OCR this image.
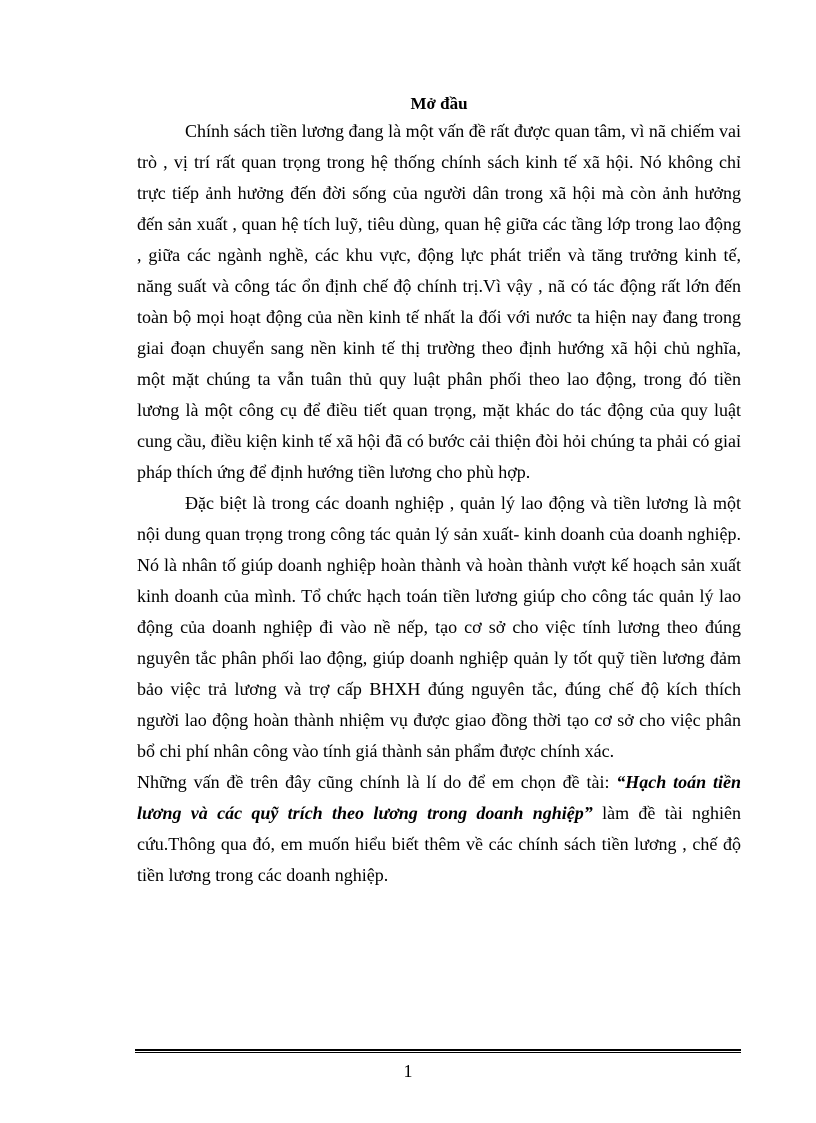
Mở đầu

Chính sách tiền lương đang là một vấn đề rất được quan tâm, vì nã chiếm vai trò , vị trí rất quan trọng trong hệ thống chính sách kinh tế xã hội. Nó không chỉ trực tiếp ảnh hưởng đến đời sống của người dân trong xã hội mà còn ảnh hưởng đến sản xuất , quan hệ tích luỹ, tiêu dùng, quan hệ giữa các tầng lớp trong lao động , giữa các ngành nghề, các khu vực, động lực phát triển và tăng trưởng kinh tế, năng suất và công tác ổn định chế độ chính trị.Vì vậy , nã có tác động rất lớn đến toàn bộ mọi hoạt động của nền kinh tế nhất la đối với nước ta hiện nay đang trong giai đoạn chuyển sang nền kinh tế thị trường theo định hướng xã hội chủ nghĩa, một mặt chúng ta vẫn tuân thủ quy luật phân phối theo lao động, trong đó tiền lương là một công cụ để điều tiết quan trọng, mặt khác do tác động của quy luật cung cầu, điều kiện kinh tế xã hội đã có bước cải thiện đòi hỏi chúng ta phải có giaỉ pháp thích ứng để định hướng tiền lương cho phù hợp.

Đặc biệt là trong các doanh nghiệp , quản lý lao động và tiền lương là một nội dung quan trọng trong công tác quản lý sản xuất- kinh doanh của doanh nghiệp. Nó là nhân tố giúp doanh nghiệp hoàn thành và hoàn thành vượt kế hoạch sản xuất kinh doanh của mình. Tổ chức hạch toán tiền lương giúp cho công tác quản lý lao động của doanh nghiệp đi vào nề nếp, tạo cơ sở cho việc tính lương theo đúng nguyên tắc phân phối lao động, giúp doanh nghiệp quản ly tốt quỹ tiền lương đảm bảo việc trả lương và trợ cấp BHXH đúng nguyên tắc, đúng chế độ kích thích người lao động hoàn thành nhiệm vụ được giao đồng thời tạo cơ sở cho việc phân bổ chi phí nhân công vào tính giá thành sản phẩm được chính xác.

Những vấn đề trên đây cũng chính là lí do để em chọn đề tài: “Hạch toán tiền lương và các quỹ trích theo lương trong doanh nghiệp” làm đề tài nghiên cứu.Thông qua đó, em muốn hiểu biết thêm về các chính sách tiền lương , chế độ tiền lương trong các doanh nghiệp.

1
